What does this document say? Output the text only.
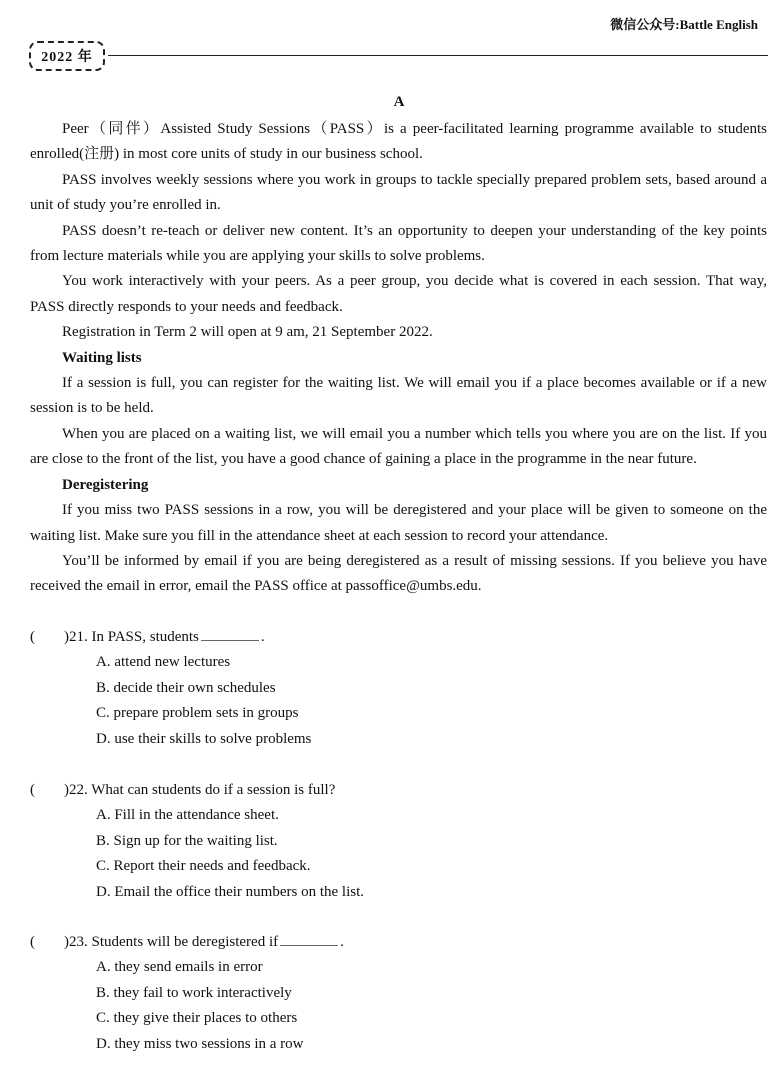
微信公众号:Battle English
2022 年
A

Peer（同伴）Assisted Study Sessions（PASS）is a peer-facilitated learning programme available to students enrolled(注册) in most core units of study in our business school.

PASS involves weekly sessions where you work in groups to tackle specially prepared problem sets, based around a unit of study you’re enrolled in.

PASS doesn’t re-teach or deliver new content. It’s an opportunity to deepen your understanding of the key points from lecture materials while you are applying your skills to solve problems.

You work interactively with your peers. As a peer group, you decide what is covered in each session. That way, PASS directly responds to your needs and feedback.

Registration in Term 2 will open at 9 am, 21 September 2022.

Waiting lists

If a session is full, you can register for the waiting list. We will email you if a place becomes available or if a new session is to be held.

When you are placed on a waiting list, we will email you a number which tells you where you are on the list. If you are close to the front of the list, you have a good chance of gaining a place in the programme in the near future.

Deregistering

If you miss two PASS sessions in a row, you will be deregistered and your place will be given to someone on the waiting list. Make sure you fill in the attendance sheet at each session to record your attendance.

You’ll be informed by email if you are being deregistered as a result of missing sessions. If you believe you have received the email in error, email the PASS office at passoffice@umbs.edu.

(	)21. In PASS, students	.
A. attend new lectures
B. decide their own schedules
C. prepare problem sets in groups
D. use their skills to solve problems
(	)22. What can students do if a session is full?
A. Fill in the attendance sheet.
B. Sign up for the waiting list.
C. Report their needs and feedback.
D. Email the office their numbers on the list.
(	)23. Students will be deregistered if	.
A. they send emails in error
B. they fail to work interactively
C. they give their places to others
D. they miss two sessions in a row
